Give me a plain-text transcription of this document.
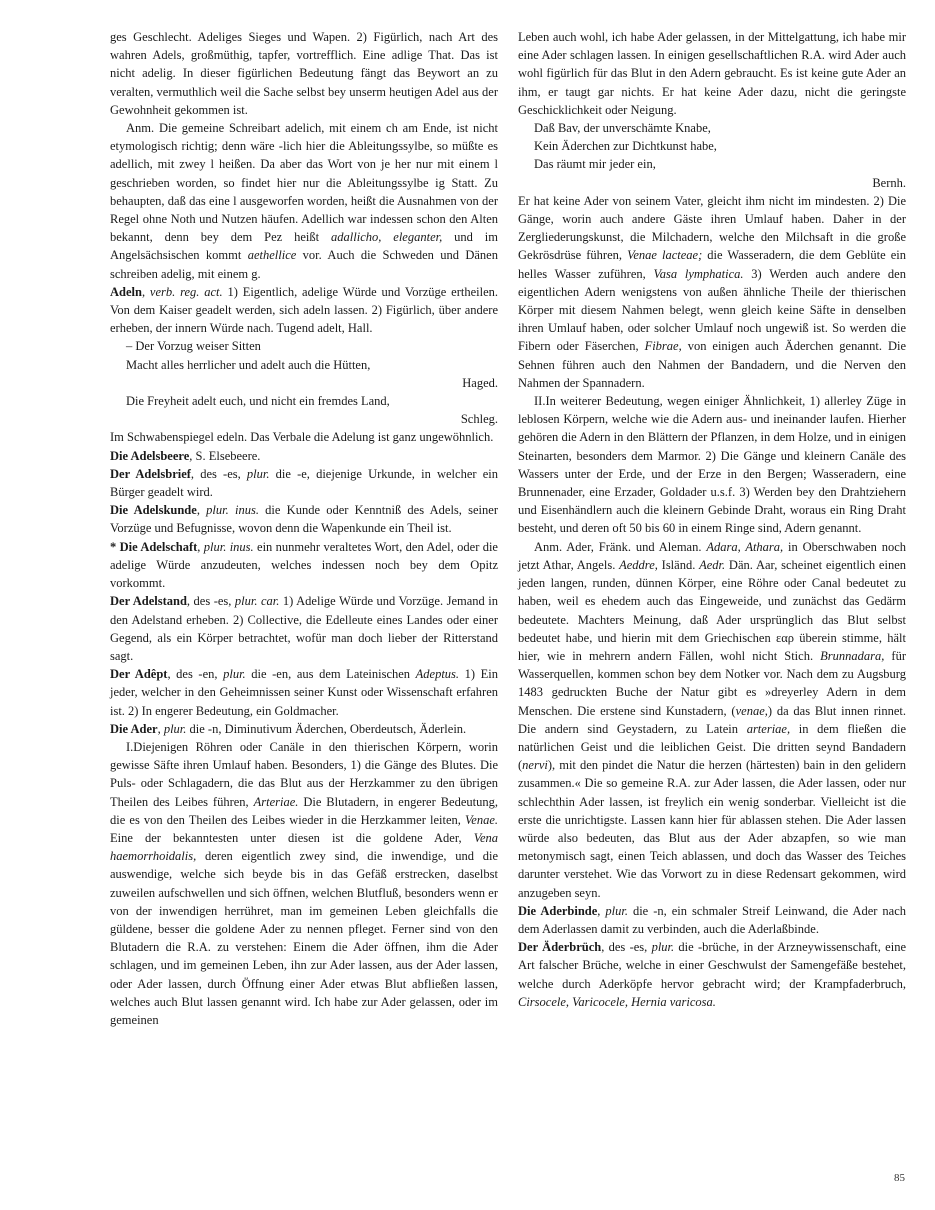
ges Geschlecht. Adeliges Sieges und Wapen. 2) Figürlich, nach Art des wahren Adels, großmüthig, tapfer, vortrefflich. Eine adlige That. Das ist nicht adelig. In dieser figürlichen Bedeutung fängt das Beywort an zu veralten, vermuthlich weil die Sache selbst bey unserm heutigen Adel aus der Gewohnheit gekommen ist.

Anm. Die gemeine Schreibart adelich, mit einem ch am Ende, ist nicht etymologisch richtig; denn wäre -lich hier die Ableitungssylbe, so müßte es adellich, mit zwey l heißen. Da aber das Wort von je her nur mit einem l geschrieben worden, so findet hier nur die Ableitungssylbe ig Statt. Zu behaupten, daß das eine l ausgeworfen worden, heißt die Ausnahmen von der Regel ohne Noth und Nutzen häufen. Adellich war indessen schon den Alten bekannt, denn bey dem Pez heißt adallicho, eleganter, und im Angelsächsischen kommt aethellice vor. Auch die Schweden und Dänen schreiben adelig, mit einem g.

Adeln, verb. reg. act. 1) Eigentlich, adelige Würde und Vorzüge ertheilen. Von dem Kaiser geadelt werden, sich adeln lassen. 2) Figürlich, über andere erheben, der innern Würde nach. Tugend adelt, Hall.

– Der Vorzug weiser Sitten

Macht alles herrlicher und adelt auch die Hütten,

Haged.

Die Freyheit adelt euch, und nicht ein fremdes Land,

Schleg.

Im Schwabenspiegel edeln. Das Verbale die Adelung ist ganz ungewöhnlich.

Die Adelsbeere, S. Elsebeere.

Der Adelsbrief, des -es, plur. die -e, diejenige Urkunde, in welcher ein Bürger geadelt wird.

Die Adelskunde, plur. inus. die Kunde oder Kenntniß des Adels, seiner Vorzüge und Befugnisse, wovon denn die Wapenkunde ein Theil ist.

* Die Adelschaft, plur. inus. ein nunmehr veraltetes Wort, den Adel, oder die adelige Würde anzudeuten, welches indessen noch bey dem Opitz vorkommt.

Der Adelstand, des -es, plur. car. 1) Adelige Würde und Vorzüge. Jemand in den Adelstand erheben. 2) Collective, die Edelleute eines Landes oder einer Gegend, als ein Körper betrachtet, wofür man doch lieber der Ritterstand sagt.

Der Adêpt, des -en, plur. die -en, aus dem Lateinischen Adeptus. 1) Ein jeder, welcher in den Geheimnissen seiner Kunst oder Wissenschaft erfahren ist. 2) In engerer Bedeutung, ein Goldmacher.

Die Ader, plur. die -n, Diminutivum Äderchen, Oberdeutsch, Äderlein.

I.Diejenigen Röhren oder Canäle in den thierischen Körpern, worin gewisse Säfte ihren Umlauf haben. Besonders, 1) die Gänge des Blutes. Die Puls- oder Schlagadern, die das Blut aus der Herzkammer zu den übrigen Theilen des Leibes führen, Arteriae. Die Blutadern, in engerer Bedeutung, die es von den Theilen des Leibes wieder in die Herzkammer leiten, Venae. Eine der bekanntesten unter diesen ist die goldene Ader, Vena haemorrhoidalis, deren eigentlich zwey sind, die inwendige, und die auswendige, welche sich beyde bis in das Gefäß erstrecken, daselbst zuweilen aufschwellen und sich öffnen, welchen Blutfluß, besonders wenn er von der inwendigen herrühret, man im gemeinen Leben gleichfalls die güldene, besser die goldene Ader zu nennen pfleget. Ferner sind von den Blutadern die R.A. zu verstehen: Einem die Ader öffnen, ihm die Ader schlagen, und im gemeinen Leben, ihn zur Ader lassen, aus der Ader lassen, oder Ader lassen, durch Öffnung einer Ader etwas Blut abfließen lassen, welches auch Blut lassen genannt wird. Ich habe zur Ader gelassen, oder im gemeinen

Leben auch wohl, ich habe Ader gelassen, in der Mittelgattung, ich habe mir eine Ader schlagen lassen. In einigen gesellschaftlichen R.A. wird Ader auch wohl figürlich für das Blut in den Adern gebraucht. Es ist keine gute Ader an ihm, er taugt gar nichts. Er hat keine Ader dazu, nicht die geringste Geschicklichkeit oder Neigung.

Daß Bav, der unverschämte Knabe,

Kein Äderchen zur Dichtkunst habe,

Das räumt mir jeder ein,

Bernh.

Er hat keine Ader von seinem Vater, gleicht ihm nicht im mindesten. 2) Die Gänge, worin auch andere Gäste ihren Umlauf haben. Daher in der Zergliederungskunst, die Milchadern, welche den Milchsaft in die große Gekrösdrüse führen, Venae lacteae; die Wasseradern, die dem Geblüte ein helles Wasser zuführen, Vasa lymphatica. 3) Werden auch andere den eigentlichen Adern wenigstens von außen ähnliche Theile der thierischen Körper mit diesem Nahmen belegt, wenn gleich keine Säfte in denselben ihren Umlauf haben, oder solcher Umlauf noch ungewiß ist. So werden die Fibern oder Fäserchen, Fibrae, von einigen auch Äderchen genannt. Die Sehnen führen auch den Nahmen der Bandadern, und die Nerven den Nahmen der Spannadern.

II.In weiterer Bedeutung, wegen einiger Ähnlichkeit, 1) allerley Züge in leblosen Körpern, welche wie die Adern aus- und ineinander laufen. Hierher gehören die Adern in den Blättern der Pflanzen, in dem Holze, und in einigen Steinarten, besonders dem Marmor. 2) Die Gänge und kleinern Canäle des Wassers unter der Erde, und der Erze in den Bergen; Wasseradern, eine Brunnenader, eine Erzader, Goldader u.s.f. 3) Werden bey den Drahtziehern und Eisenhändlern auch die kleinern Gebinde Draht, woraus ein Ring Draht besteht, und deren oft 50 bis 60 in einem Ringe sind, Adern genannt.

Anm. Ader, Fränk. und Aleman. Adara, Athara, in Oberschwaben noch jetzt Athar, Angels. Aeddre, Isländ. Aedr. Dän. Aar, scheinet eigentlich einen jeden langen, runden, dünnen Körper, eine Röhre oder Canal bedeutet zu haben, weil es ehedem auch das Eingeweide, und zunächst das Gedärm bedeutete. Machters Meinung, daß Ader ursprünglich das Blut selbst bedeutet habe, und hierin mit dem Griechischen εαρ überein stimme, hält hier, wie in mehrern andern Fällen, wohl nicht Stich. Brunnadara, für Wasserquellen, kommen schon bey dem Notker vor. Nach dem zu Augsburg 1483 gedruckten Buche der Natur gibt es »dreyerley Adern in dem Menschen. Die erstene sind Kunstadern, (venae,) da das Blut innen rinnet. Die andern sind Geystadern, zu Latein arteriae, in dem fließen die natürlichen Geist und die leiblichen Geist. Die dritten seynd Bandadern (nervi), mit den pindet die Natur die herzen (härtesten) bain in den gelidern zusammen.« Die so gemeine R.A. zur Ader lassen, die Ader lassen, oder nur schlechthin Ader lassen, ist freylich ein wenig sonderbar. Vielleicht ist die erste die unrichtigste. Lassen kann hier für ablassen stehen. Die Ader lassen würde also bedeuten, das Blut aus der Ader abzapfen, so wie man metonymisch sagt, einen Teich ablassen, und doch das Wasser des Teiches darunter verstehet. Wie das Vorwort zu in diese Redensart gekommen, wird anzugeben seyn.

Die Aderbinde, plur. die -n, ein schmaler Streif Leinwand, die Ader nach dem Aderlassen damit zu verbinden, auch die Aderlaßbinde.

Der Äderbrüch, des -es, plur. die -brüche, in der Arzneywissenschaft, eine Art falscher Brüche, welche in einer Geschwulst der Samengefäße bestehet, welche durch Aderköpfe hervor gebracht wird; der Krampfaderbruch, Cirsocele, Varicocele, Hernia varicosa.

85
